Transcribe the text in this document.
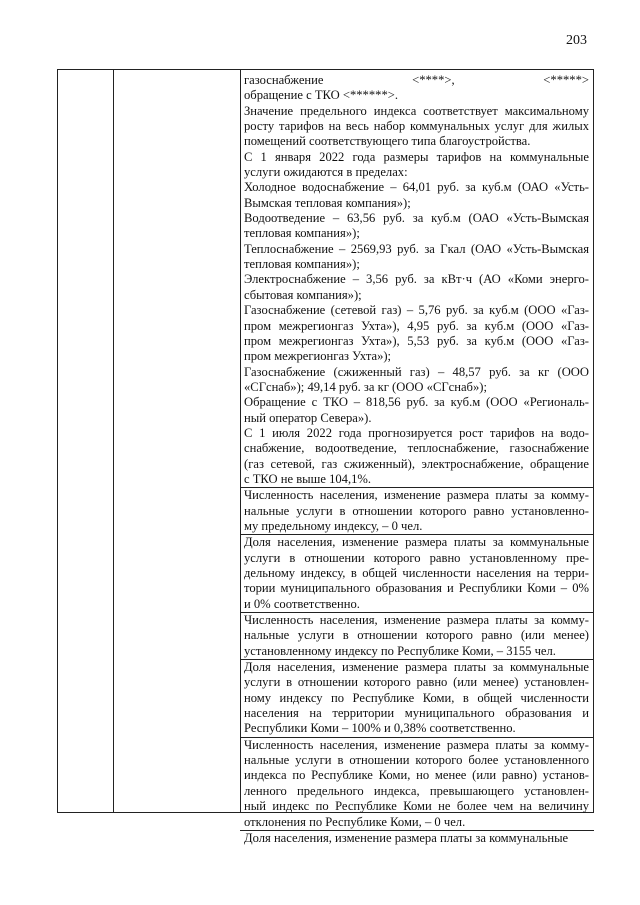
203
газоснабжение <****>, <*****>
обращение с ТКО <******>.
Значение предельного индекса соответствует максимальному
росту тарифов на весь набор коммунальных услуг для жилых
помещений соответствующего типа благоустройства.
С 1 января 2022 года размеры тарифов на коммунальные
услуги ожидаются в пределах:
Холодное водоснабжение – 64,01 руб. за куб.м (ОАО «Усть-
Вымская тепловая компания»);
Водоотведение – 63,56 руб. за куб.м (ОАО «Усть-Вымская
тепловая компания»);
Теплоснабжение – 2569,93 руб. за Гкал (ОАО «Усть-Вымская
тепловая компания»);
Электроснабжение – 3,56 руб. за кВт·ч (АО «Коми энерго-
сбытовая компания»);
Газоснабжение (сетевой газ) – 5,76 руб. за куб.м (ООО «Газ-
пром межрегионгаз Ухта»), 4,95 руб. за куб.м (ООО «Газ-
пром межрегионгаз Ухта»), 5,53 руб. за куб.м (ООО «Газ-
пром межрегионгаз Ухта»);
Газоснабжение (сжиженный газ) – 48,57 руб. за кг (ООО
«СГснаб»); 49,14 руб. за кг (ООО «СГснаб»);
Обращение с ТКО – 818,56 руб. за куб.м (ООО «Региональ-
ный оператор Севера»).
С 1 июля 2022 года прогнозируется рост тарифов на водо-
снабжение, водоотведение, теплоснабжение, газоснабжение
(газ сетевой, газ сжиженный), электроснабжение, обращение
с ТКО не выше 104,1%.
Численность населения, изменение размера платы за комму-
нальные услуги в отношении которого равно установленно-
му предельному индексу, – 0 чел.
Доля населения, изменение размера платы за коммунальные
услуги в отношении которого равно установленному пре-
дельному индексу, в общей численности населения на терри-
тории муниципального образования и Республики Коми – 0%
и 0% соответственно.
Численность населения, изменение размера платы за комму-
нальные услуги в отношении которого равно (или менее)
установленному индексу по Республике Коми, – 3155 чел.
Доля населения, изменение размера платы за коммунальные
услуги в отношении которого равно (или менее) установлен-
ному индексу по Республике Коми, в общей численности
населения на территории муниципального образования и
Республики Коми – 100% и 0,38% соответственно.
Численность населения, изменение размера платы за комму-
нальные услуги в отношении которого более установленного
индекса по Республике Коми, но менее (или равно) установ-
ленного предельного индекса, превышающего установлен-
ный индекс по Республике Коми не более чем на величину
отклонения по Республике Коми, – 0 чел.
Доля населения, изменение размера платы за коммунальные
